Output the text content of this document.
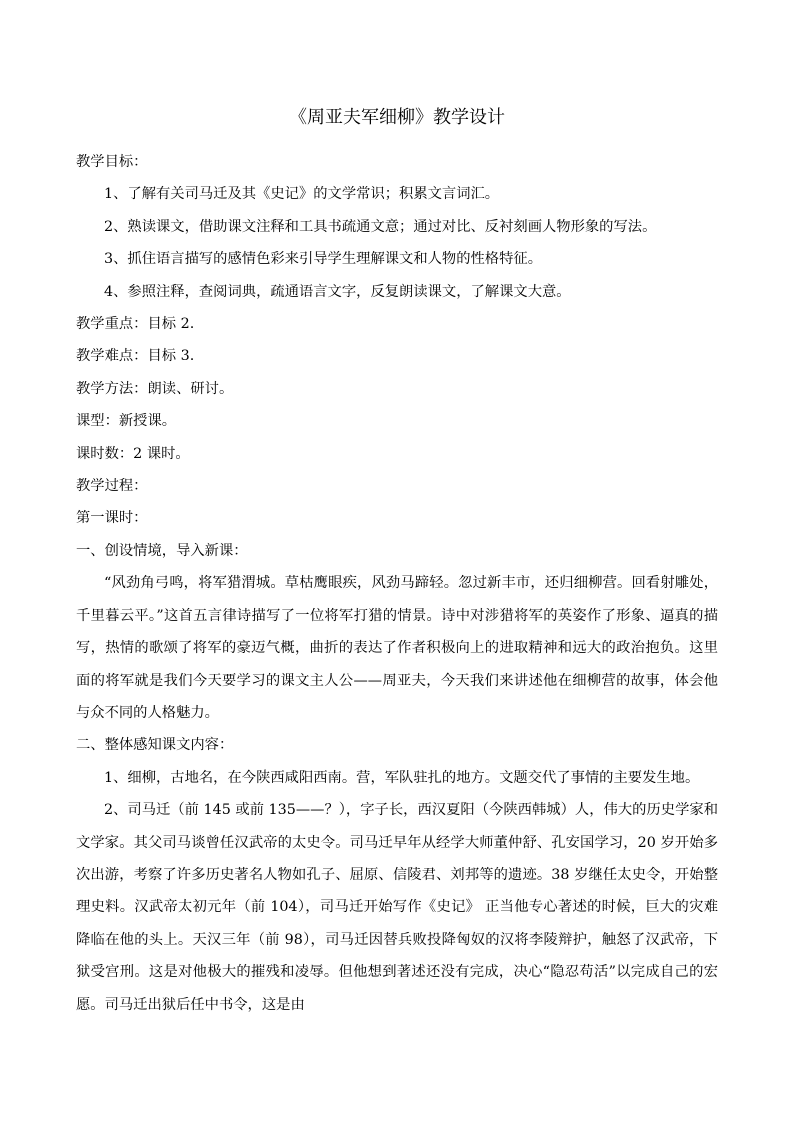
《周亚夫军细柳》教学设计

教学目标：

1、了解有关司马迁及其《史记》的文学常识；积累文言词汇。

2、熟读课文，借助课文注释和工具书疏通文意；通过对比、反衬刻画人物形象的写法。

3、抓住语言描写的感情色彩来引导学生理解课文和人物的性格特征。

4、参照注释，查阅词典，疏通语言文字，反复朗读课文，了解课文大意。

教学重点：目标 2.

教学难点：目标 3.

教学方法：朗读、研讨。

课型：新授课。

课时数：2 课时。

教学过程：

第一课时：

一、创设情境，导入新课：

“风劲角弓鸣，将军猎渭城。草枯鹰眼疾，风劲马蹄轻。忽过新丰市，还归细柳营。回看射雕处，千里暮云平。”这首五言律诗描写了一位将军打猎的情景。诗中对涉猎将军的英姿作了形象、逼真的描写，热情的歌颂了将军的豪迈气概，曲折的表达了作者积极向上的进取精神和远大的政治抱负。这里面的将军就是我们今天要学习的课文主人公——周亚夫，今天我们来讲述他在细柳营的故事，体会他与众不同的人格魅力。

二、整体感知课文内容：

1、细柳，古地名，在今陕西咸阳西南。营，军队驻扎的地方。文题交代了事情的主要发生地。

2、司马迁（前 145 或前 135——？），字子长，西汉夏阳（今陕西韩城）人，伟大的历史学家和文学家。其父司马谈曾任汉武帝的太史令。司马迁早年从经学大师董仲舒、孔安国学习，20 岁开始多次出游，考察了许多历史著名人物如孔子、屈原、信陵君、刘邦等的遗迹。38 岁继任太史令，开始整理史料。汉武帝太初元年（前 104），司马迁开始写作《史记》 正当他专心著述的时候，巨大的灾难降临在他的头上。天汉三年（前 98），司马迁因替兵败投降匈奴的汉将李陵辩护，触怒了汉武帝，下狱受宫刑。这是对他极大的摧残和凌辱。但他想到著述还没有完成，决心“隐忍苟活”以完成自己的宏愿。司马迁出狱后任中书令，这是由
